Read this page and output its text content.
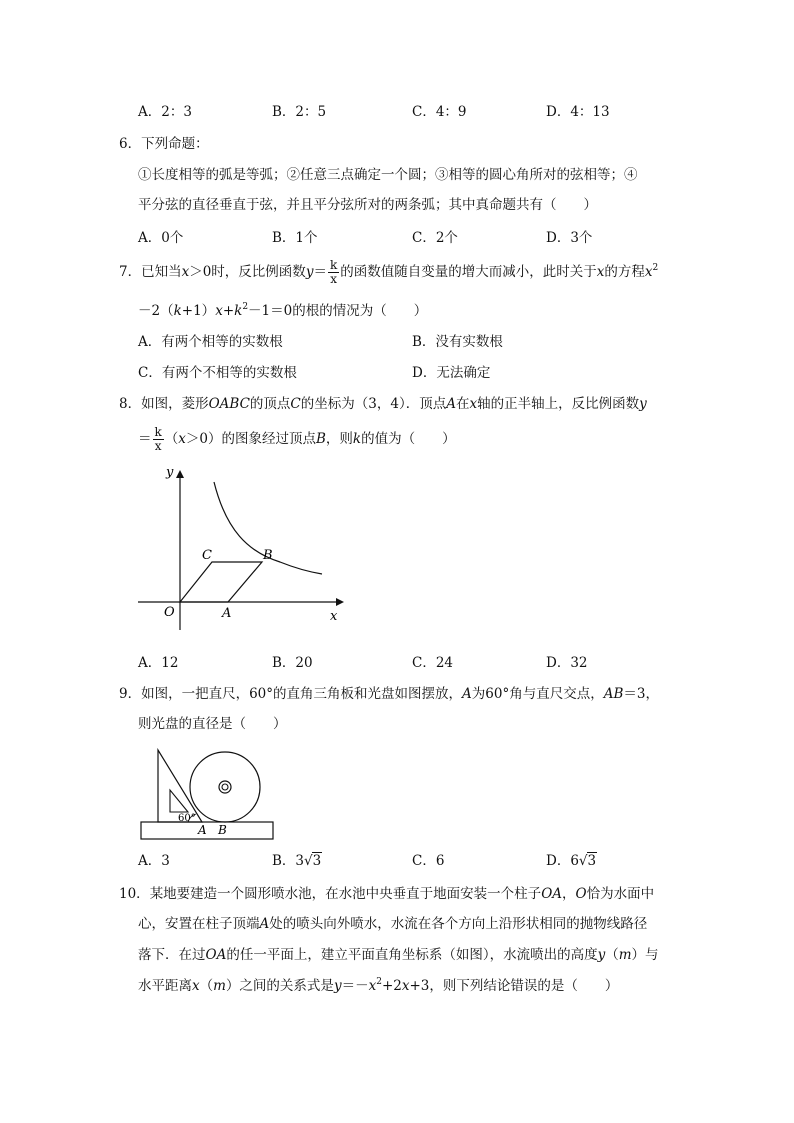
A．2：3	B．2：5	C．4：9	D．4：13
6．下列命题：
①长度相等的弧是等弧；②任意三点确定一个圆；③相等的圆心角所对的弦相等；④
平分弦的直径垂直于弦，并且平分弦所对的两条弧；其中真命题共有（　　）
A．0个	B．1个	C．2个	D．3个
7．已知当x＞0时，反比例函数$y= \frac{k}{x}$ 的函数值随自变量的增大而减小，此时关于x的方程$x^2$
$-2(k+1)x+k^2-1=0$的根的情况为（　　）
A．有两个相等的实数根	B．没有实数根
C．有两个不相等的实数根	D．无法确定
8．如图，菱形OABC的顶点C的坐标为（3，4）．顶点A在x轴的正半轴上，反比例函数y
＝ $\frac{k}{x} (x>0)$的图象经过顶点B，则k的值为（　　）
y
x
O	A
B
C
A．12	B．20	C．24	D．32
9．如图，一把直尺，60°的直角三角板和光盘如图摆放，A为60°角与直尺交点，AB＝3，
则光盘的直径是（　　）
60°
A B
A．3	B．3√3	C．6	D．6√3
10．某地要建造一个圆形喷水池，在水池中央垂直于地面安装一个柱子OA，O恰为水面中
心，安置在柱子顶端A处的喷头向外喷水，水流在各个方向上沿形状相同的抛物线路径
落下．在过OA的任一平面上，建立平面直角坐标系（如图），水流喷出的高度y（m）与
水平距离x（m）之间的关系式是$y=-x^2+2x+3$，则下列结论错误的是（　　）
